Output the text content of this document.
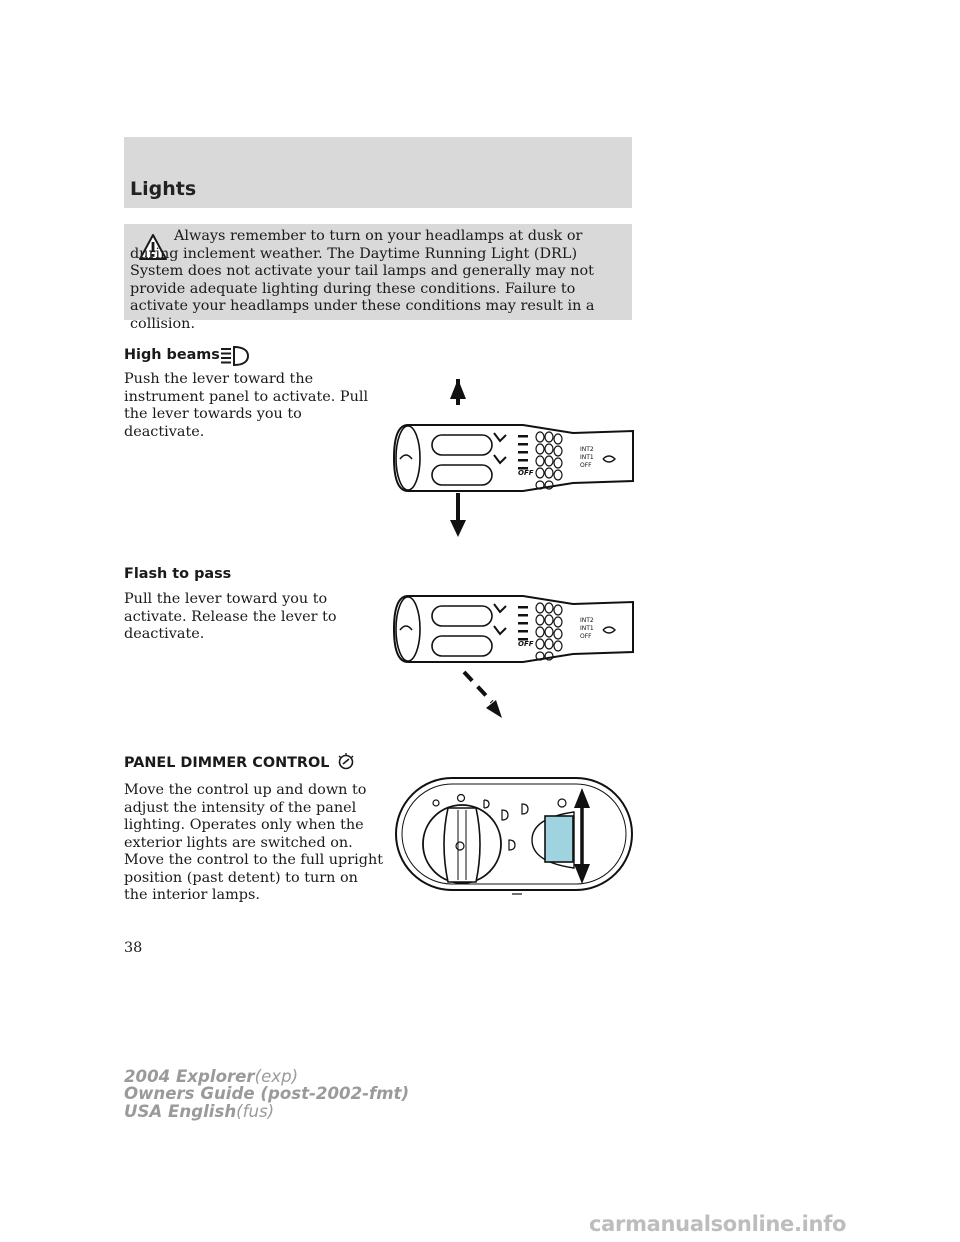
Lights

Always remember to turn on your headlamps at dusk or during inclement weather. The Daytime Running Light (DRL) System does not activate your tail lamps and generally may not provide adequate lighting during these conditions. Failure to activate your headlamps under these conditions may result in a collision.

High beams

Push the lever toward the instrument panel to activate. Pull the lever towards you to deactivate.

OFF
INT2
INT1
OFF
Flash to pass

Pull the lever toward you to activate. Release the lever to deactivate.

OFF
INT2
INT1
OFF
PANEL DIMMER CONTROL

Move the control up and down to adjust the intensity of the panel lighting. Operates only when the exterior lights are switched on.

Move the control to the full upright position (past detent) to turn on the interior lamps.

38

2004 Explorer(exp)
Owners Guide (post-2002-fmt)
USA English(fus)

carmanualsonline.info
